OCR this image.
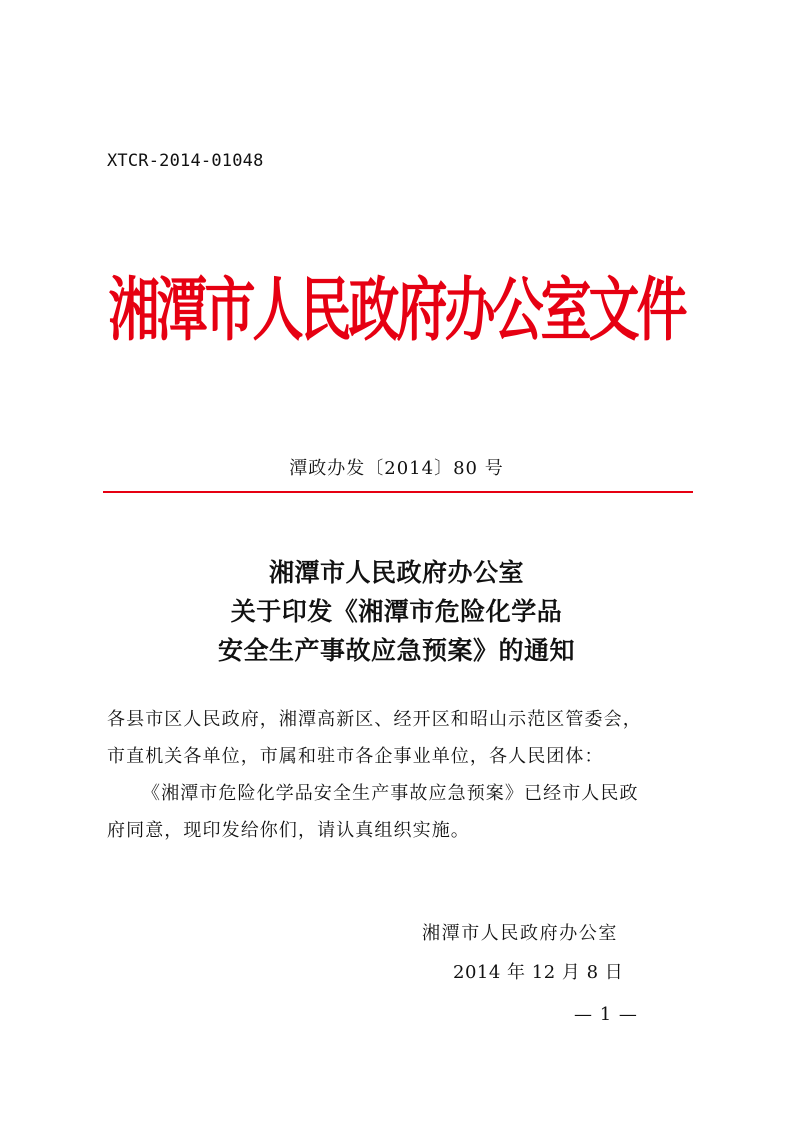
XTCR-2014-01048
湘潭市人民政府办公室文件
潭政办发〔2014〕80 号
湘潭市人民政府办公室
关于印发《湘潭市危险化学品
安全生产事故应急预案》的通知
各县市区人民政府，湘潭高新区、经开区和昭山示范区管委会，
市直机关各单位，市属和驻市各企事业单位，各人民团体：
《湘潭市危险化学品安全生产事故应急预案》已经市人民政
府同意，现印发给你们，请认真组织实施。
湘潭市人民政府办公室
2014 年 12 月 8 日
— 1 —
